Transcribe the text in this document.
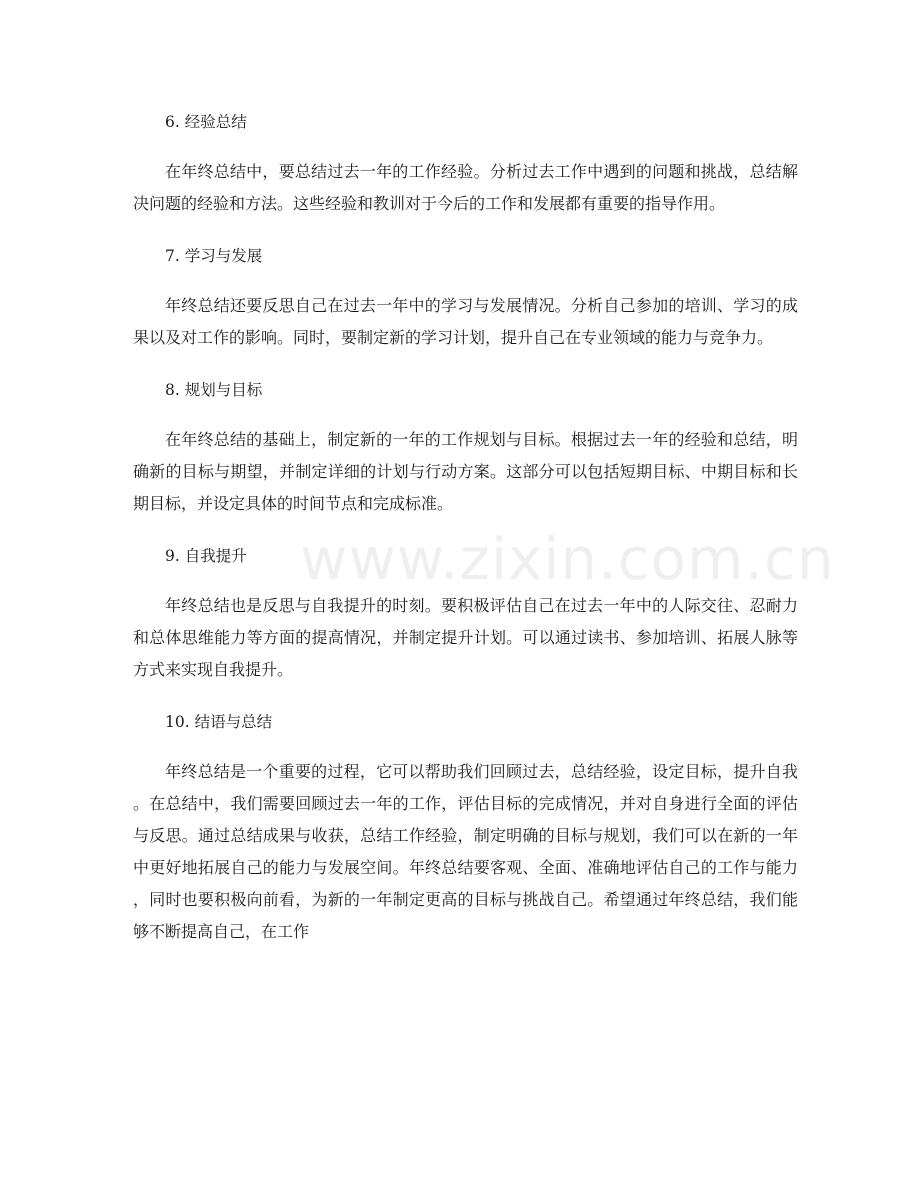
6. 经验总结

在年终总结中，要总结过去一年的工作经验。分析过去工作中遇到的问题和挑战，总结解决问题的经验和方法。这些经验和教训对于今后的工作和发展都有重要的指导作用。

7. 学习与发展

年终总结还要反思自己在过去一年中的学习与发展情况。分析自己参加的培训、学习的成果以及对工作的影响。同时，要制定新的学习计划，提升自己在专业领域的能力与竞争力。

8. 规划与目标

在年终总结的基础上，制定新的一年的工作规划与目标。根据过去一年的经验和总结，明确新的目标与期望，并制定详细的计划与行动方案。这部分可以包括短期目标、中期目标和长期目标，并设定具体的时间节点和完成标准。

9. 自我提升

年终总结也是反思与自我提升的时刻。要积极评估自己在过去一年中的人际交往、忍耐力和总体思维能力等方面的提高情况，并制定提升计划。可以通过读书、参加培训、拓展人脉等方式来实现自我提升。

10. 结语与总结

年终总结是一个重要的过程，它可以帮助我们回顾过去，总结经验，设定目标，提升自我。在总结中，我们需要回顾过去一年的工作，评估目标的完成情况，并对自身进行全面的评估与反思。通过总结成果与收获，总结工作经验，制定明确的目标与规划，我们可以在新的一年中更好地拓展自己的能力与发展空间。年终总结要客观、全面、准确地评估自己的工作与能力，同时也要积极向前看，为新的一年制定更高的目标与挑战自己。希望通过年终总结，我们能够不断提高自己，在工作

www.zixin.com.cn
